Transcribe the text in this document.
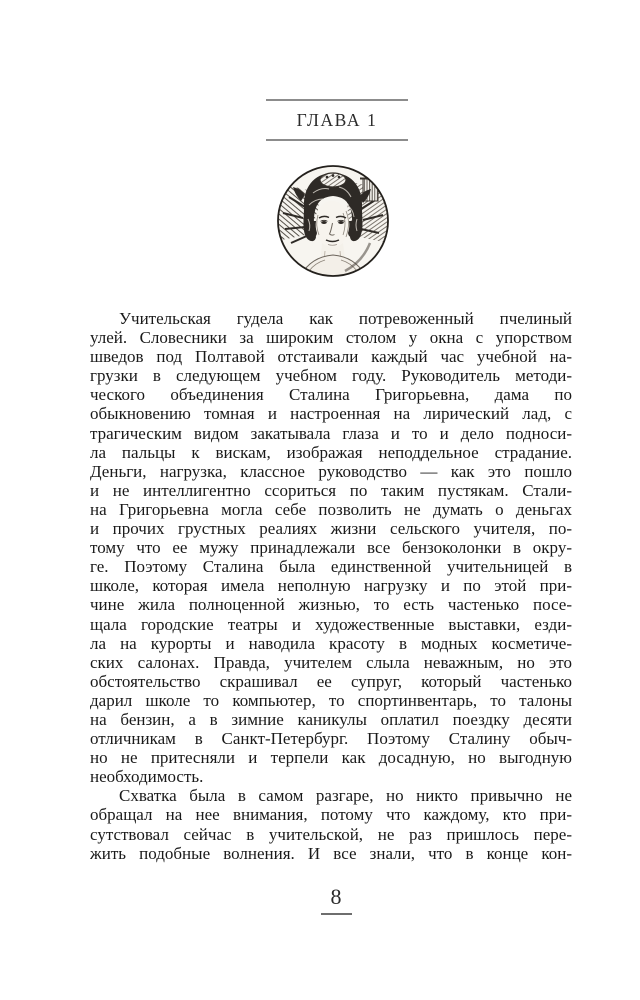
ГЛАВА 1
Учительская гудела как потревоженный пчелиный
улей. Словесники за широким столом у окна с упорством
шведов под Полтавой отстаивали каждый час учебной на-
грузки в следующем учебном году. Руководитель методи-
ческого объединения Сталина Григорьевна, дама по
обыкновению томная и настроенная на лирический лад, с
трагическим видом закатывала глаза и то и дело подноси-
ла пальцы к вискам, изображая неподдельное страдание.
Деньги, нагрузка, классное руководство — как это пошло
и не интеллигентно ссориться по таким пустякам. Стали-
на Григорьевна могла себе позволить не думать о деньгах
и прочих грустных реалиях жизни сельского учителя, по-
тому что ее мужу принадлежали все бензоколонки в окру-
ге. Поэтому Сталина была единственной учительницей в
школе, которая имела неполную нагрузку и по этой при-
чине жила полноценной жизнью, то есть частенько посе-
щала городские театры и художественные выставки, езди-
ла на курорты и наводила красоту в модных косметиче-
ских салонах. Правда, учителем слыла неважным, но это
обстоятельство скрашивал ее супруг, который частенько
дарил школе то компьютер, то спортинвентарь, то талоны
на бензин, а в зимние каникулы оплатил поездку десяти
отличникам в Санкт-Петербург. Поэтому Сталину обыч-
но не притесняли и терпели как досадную, но выгодную
необходимость.
Схватка была в самом разгаре, но никто привычно не
обращал на нее внимания, потому что каждому, кто при-
сутствовал сейчас в учительской, не раз пришлось пере-
жить подобные волнения. И все знали, что в конце кон-
8
